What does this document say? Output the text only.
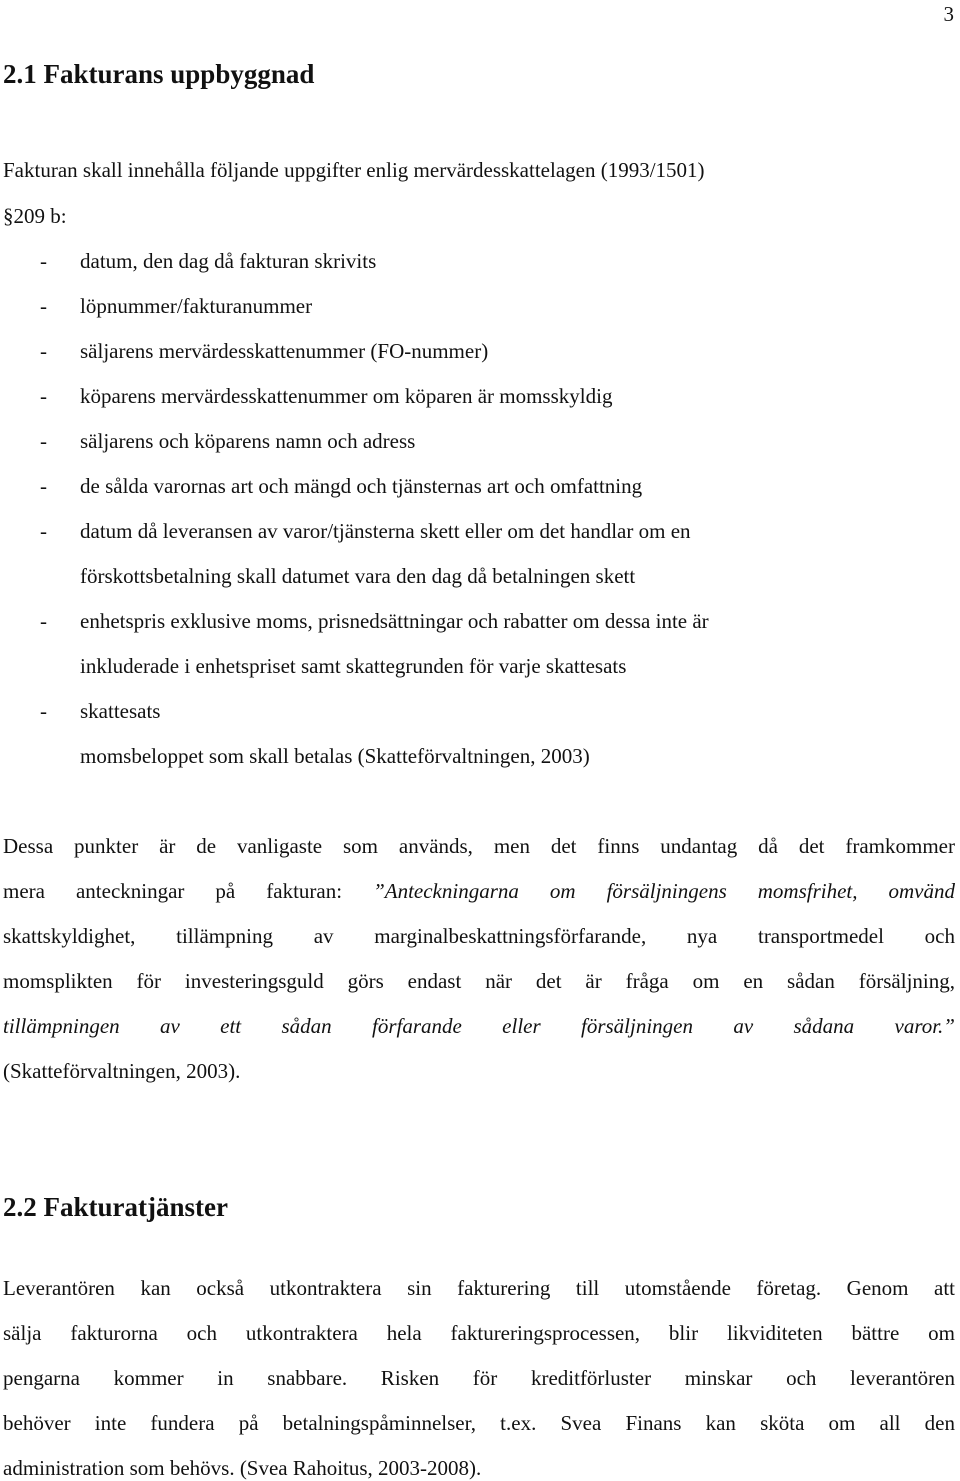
3
2.1 Fakturans uppbyggnad
Fakturan skall innehålla följande uppgifter enlig mervärdesskattelagen (1993/1501)
§209 b:
- datum, den dag då fakturan skrivits
- löpnummer/fakturanummer
- säljarens mervärdesskattenummer (FO-nummer)
- köparens mervärdesskattenummer om köparen är momsskyldig
- säljarens och köparens namn och adress
- de sålda varornas art och mängd och tjänsternas art och omfattning
- datum då leveransen av varor/tjänsterna skett eller om det handlar om en
förskottsbetalning skall datumet vara den dag då betalningen skett
- enhetspris exklusive moms, prisnedsättningar och rabatter om dessa inte är
inkluderade i enhetspriset samt skattegrunden för varje skattesats
- skattesats
momsbeloppet som skall betalas (Skatteförvaltningen, 2003)
Dessa punkter är de vanligaste som används, men det finns undantag då det framkommer
mera anteckningar på fakturan: ”Anteckningarna om försäljningens momsfrihet, omvänd
skattskyldighet, tillämpning av marginalbeskattningsförfarande, nya transportmedel och
momsplikten för investeringsguld görs endast när det är fråga om en sådan försäljning,
tillämpningen av ett sådan förfarande eller försäljningen av sådana varor.”
(Skatteförvaltningen, 2003).
2.2 Fakturatjänster
Leverantören kan också utkontraktera sin fakturering till utomstående företag. Genom att
sälja fakturorna och utkontraktera hela faktureringsprocessen, blir likviditeten bättre om
pengarna kommer in snabbare. Risken för kreditförluster minskar och leverantören
behöver inte fundera på betalningspåminnelser, t.ex. Svea Finans kan sköta om all den
administration som behövs. (Svea Rahoitus, 2003-2008).
